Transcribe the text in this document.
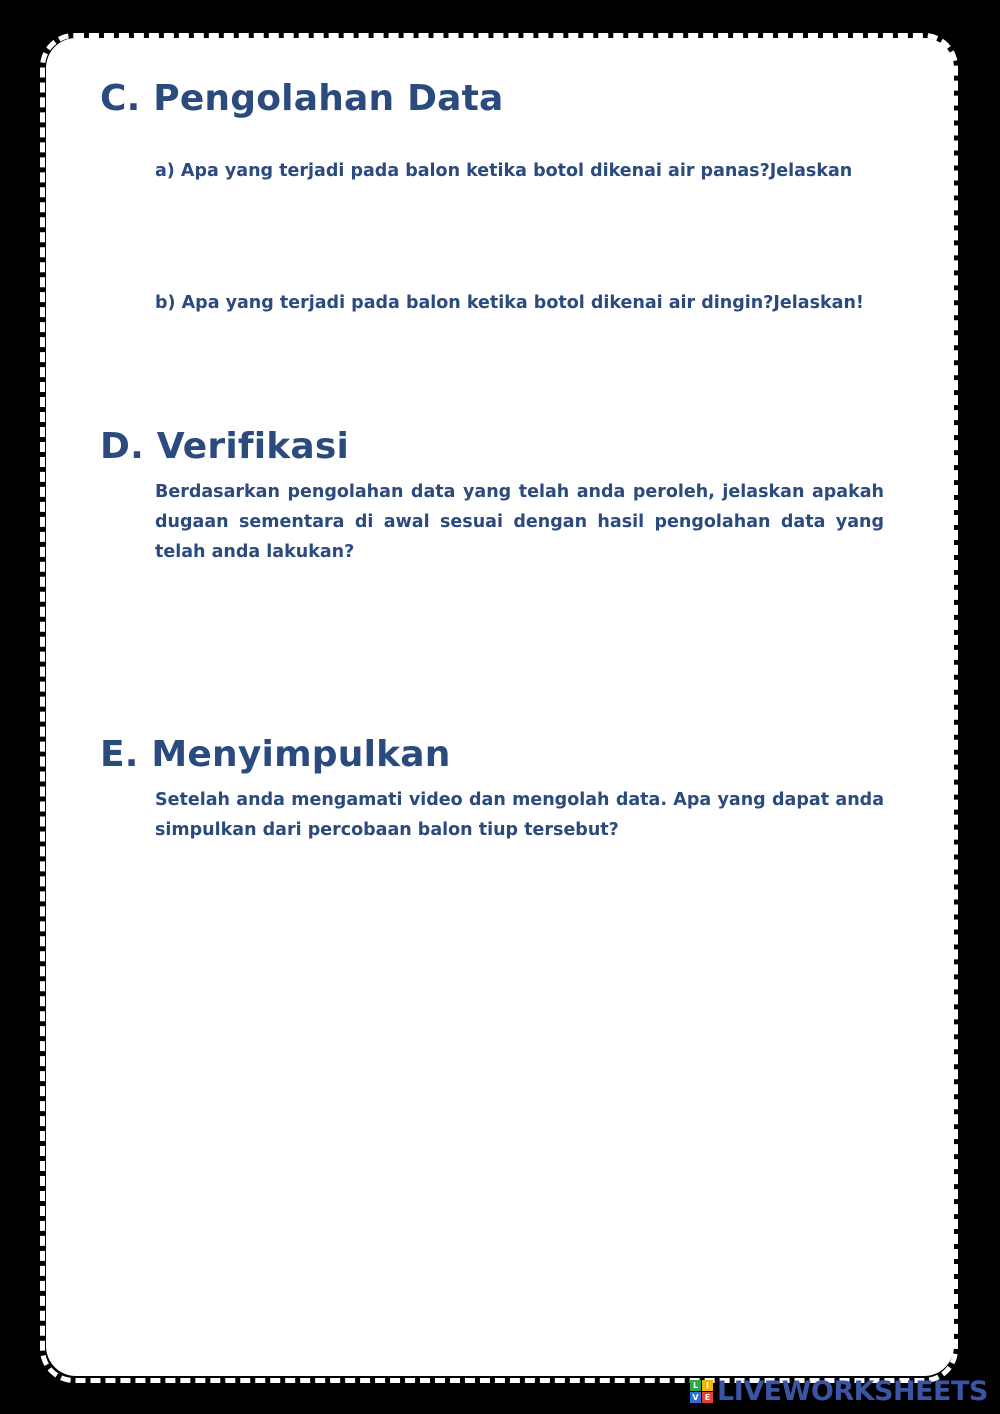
C. Pengolahan Data

a) Apa yang terjadi pada balon ketika botol dikenai air panas?Jelaskan

b) Apa yang terjadi pada balon ketika botol dikenai air dingin?Jelaskan!

D. Verifikasi

Berdasarkan pengolahan data yang telah anda peroleh, jelaskan apakah dugaan sementara di awal sesuai dengan hasil pengolahan data yang telah anda lakukan?

E. Menyimpulkan

Setelah anda mengamati video dan mengolah data. Apa yang dapat anda simpulkan dari percobaan balon tiup tersebut?

L I
V E LIVEWORKSHEETS
